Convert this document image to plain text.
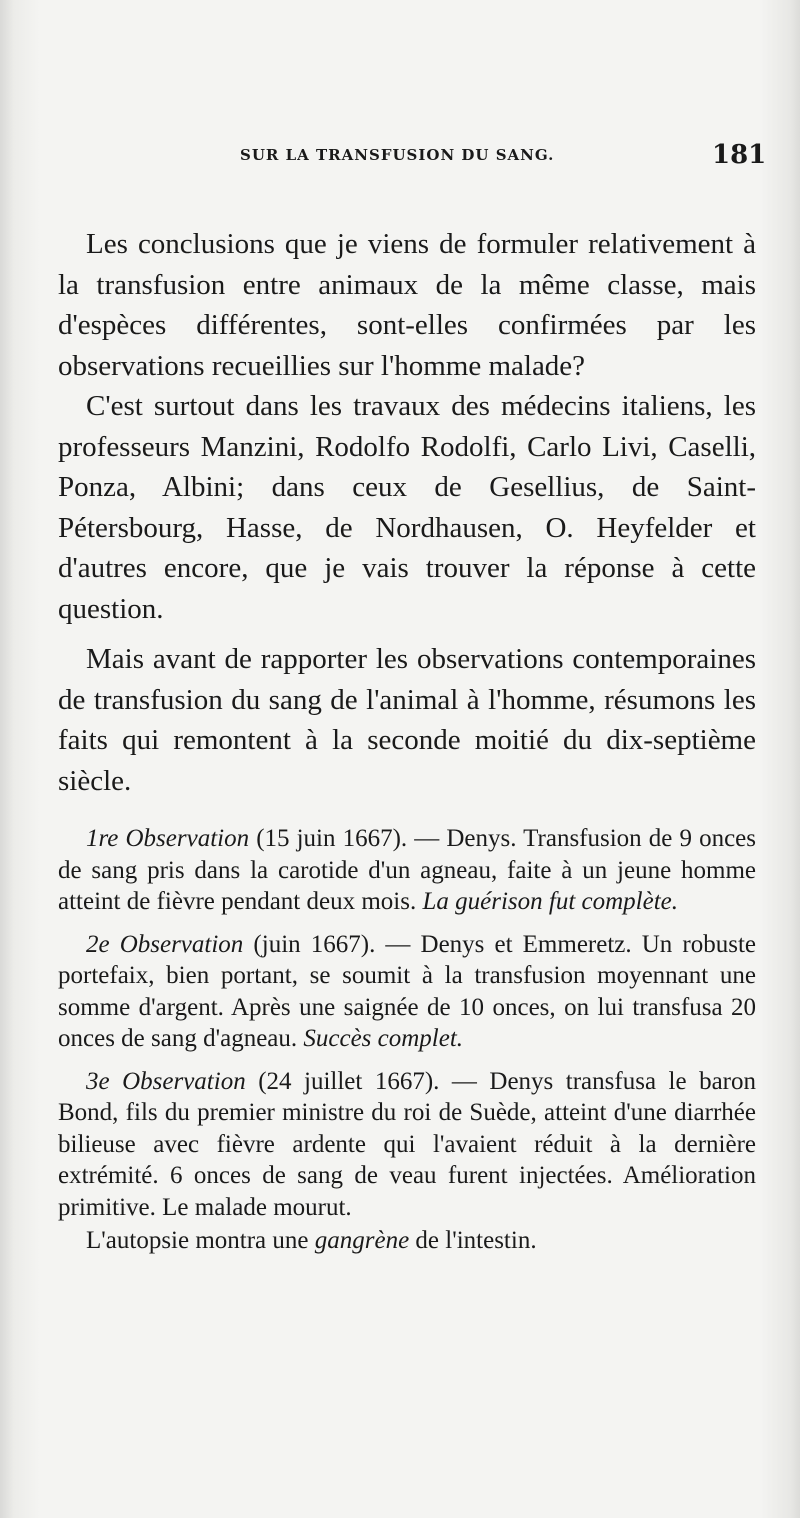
SUR LA TRANSFUSION DU SANG.	181

Les conclusions que je viens de formuler relativement à la transfusion entre animaux de la même classe, mais d'espèces différentes, sont-elles confirmées par les observations recueillies sur l'homme malade?

C'est surtout dans les travaux des médecins italiens, les professeurs Manzini, Rodolfo Rodolfi, Carlo Livi, Caselli, Ponza, Albini; dans ceux de Gesellius, de Saint-Pétersbourg, Hasse, de Nordhausen, O. Heyfelder et d'autres encore, que je vais trouver la réponse à cette question.

Mais avant de rapporter les observations contemporaines de transfusion du sang de l'animal à l'homme, résumons les faits qui remontent à la seconde moitié du dix-septième siècle.

1re Observation (15 juin 1667). — Denys. Transfusion de 9 onces de sang pris dans la carotide d'un agneau, faite à un jeune homme atteint de fièvre pendant deux mois. La guérison fut complète.

2e Observation (juin 1667). — Denys et Emmeretz. Un robuste portefaix, bien portant, se soumit à la transfusion moyennant une somme d'argent. Après une saignée de 10 onces, on lui transfusa 20 onces de sang d'agneau. Succès complet.

3e Observation (24 juillet 1667). — Denys transfusa le baron Bond, fils du premier ministre du roi de Suède, atteint d'une diarrhée bilieuse avec fièvre ardente qui l'avaient réduit à la dernière extrémité. 6 onces de sang de veau furent injectées. Amélioration primitive. Le malade mourut.

L'autopsie montra une gangrène de l'intestin.
